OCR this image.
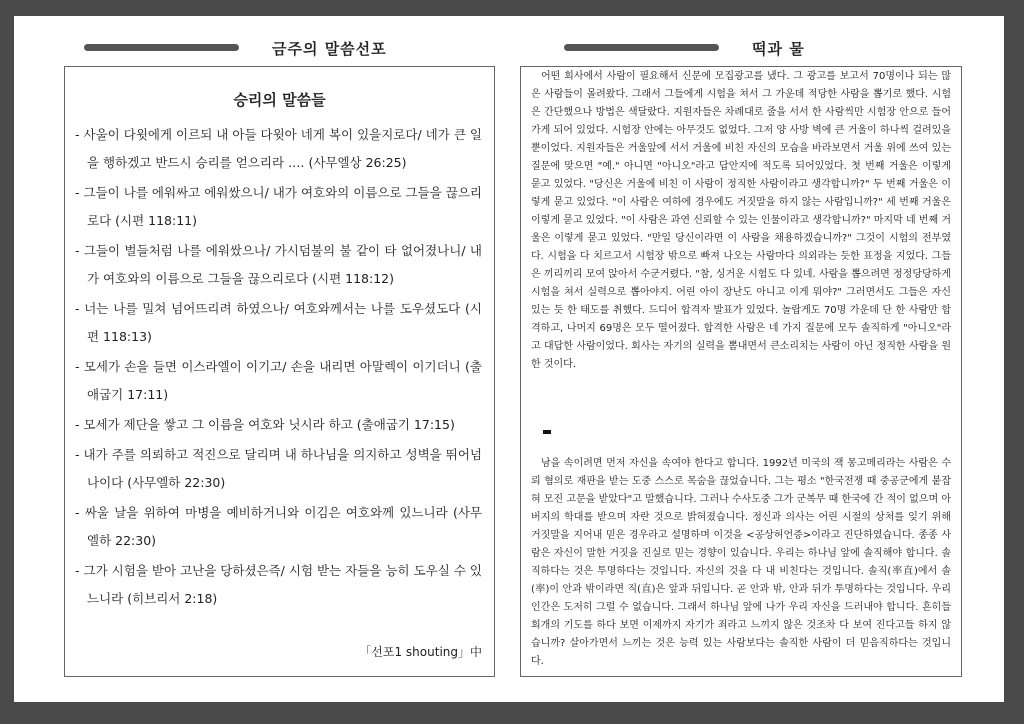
금주의 말씀선포	떡과 물
승리의 말씀들
- 사울이 다윗에게 이르되 내 아들 다윗아 네게 복이 있을지로다/ 네가 큰 일을 행하겠고 반드시 승리를 얻으리라 …. (사무엘상 26:25)
- 그들이 나를 에워싸고 에워쌌으니/ 내가 여호와의 이름으로 그들을 끊으리로다 (시편 118:11)
- 그들이 벌들처럼 나를 에워쌌으나/ 가시덤불의 불 같이 타 없어졌나니/ 내가 여호와의 이름으로 그들을 끊으리로다 (시편 118:12)
- 너는 나를 밀쳐 넘어뜨리려 하였으나/ 여호와께서는 나를 도우셨도다 (시편 118:13)
- 모세가 손을 들면 이스라엘이 이기고/ 손을 내리면 아말렉이 이기더니 (출애굽기 17:11)
- 모세가 제단을 쌓고 그 이름을 여호와 닛시라 하고 (출애굽기 17:15)
- 내가 주를 의뢰하고 적진으로 달리며 내 하나님을 의지하고 성벽을 뛰어넘나이다 (사무엘하 22:30)
- 싸울 날을 위하여 마병을 예비하거니와 이김은 여호와께 있느니라 (사무엘하 22:30)
- 그가 시험을 받아 고난을 당하셨은즉/ 시험 받는 자들을 능히 도우실 수 있느니라 (히브리서 2:18)
「선포1 shouting」中
어떤 회사에서 사람이 필요해서 신문에 모집광고를 냈다. 그 광고를 보고서 70명이나 되는 많은 사람들이 몰려왔다. 그래서 그들에게 시험을 쳐서 그 가운데 적당한 사람을 뽑기로 했다. 시험은 간단했으나 방법은 색달랐다. 지원자들은 차례대로 줄을 서서 한 사람씩만 시험장 안으로 들어가게 되어 있었다. 시험장 안에는 아무것도 없었다. 그저 양 사방 벽에 큰 거울이 하나씩 걸려있을 뿐이었다. 지원자들은 거울앞에 서서 거울에 비친 자신의 모습을 바라보면서 거울 위에 쓰여 있는 질문에 맞으면 "예." 아니면 "아니오"라고 답안지에 적도록 되어있었다. 첫 번째 거울은 이렇게 묻고 있었다. "당신은 거울에 비친 이 사람이 정직한 사람이라고 생각합니까?" 두 번째 거울은 이렇게 묻고 있었다. "이 사람은 여하에 경우에도 거짓말을 하지 않는 사람입니까?" 세 번째 거울은 이렇게 묻고 있었다. "이 사람은 과연 신뢰할 수 있는 인물이라고 생각합니까?" 마지막 네 번째 거울은 이렇게 묻고 있었다. "만일 당신이라면 이 사람을 채용하겠습니까?" 그것이 시험의 전부였다. 시험을 다 치르고서 시험장 밖으로 빠져 나오는 사람마다 의외라는 듯한 표정을 지었다. 그들은 끼리끼리 모여 앉아서 수군거렸다. "참, 싱거운 시험도 다 있네. 사람을 뽑으려면 정정당당하게 시험을 쳐서 실력으로 뽑아야지. 어린 아이 장난도 아니고 이게 뭐야?" 그러면서도 그들은 자신 있는 듯 한 태도를 취했다. 드디어 합격자 발표가 있었다. 놀랍게도 70명 가운데 단 한 사람만 합격하고, 나머지 69명은 모두 떨어졌다. 합격한 사람은 네 가지 질문에 모두 솔직하게 "아니오"라고 대답한 사람이었다. 회사는 자기의 실력을 뽐내면서 큰소리치는 사람이 아닌 정직한 사람을 원한 것이다.
남을 속이려면 먼저 자신을 속여야 한다고 합니다. 1992년 미국의 잭 몽고메리라는 사람은 수뢰 혐의로 재판을 받는 도중 스스로 목숨을 끊었습니다. 그는 평소 "한국전쟁 때 중공군에게 붙잡혀 모진 고문을 받았다"고 말했습니다. 그러나 수사도중 그가 군복무 때 한국에 간 적이 없으며 아버지의 학대를 받으며 자란 것으로 밝혀졌습니다. 정신과 의사는 어린 시절의 상처를 잊기 위해 거짓말을 지어내 믿은 경우라고 설명하며 이것을 <공상허언증>이라고 진단하였습니다. 종종 사람은 자신이 말한 거짓을 진실로 믿는 경향이 있습니다. 우리는 하나님 앞에 솔직해야 합니다. 솔직하다는 것은 투명하다는 것입니다. 자신의 것을 다 내 비친다는 것입니다. 솔직(率直)에서 솔(率)이 안과 밖이라면 직(直)은 앞과 뒤입니다. 곧 안과 밖, 안과 뒤가 투명하다는 것입니다. 우리 인간은 도저히 그럴 수 없습니다. 그래서 하나님 앞에 나가 우리 자신을 드러내야 합니다. 흔히들 회개의 기도를 하다 보면 이제까지 자기가 죄라고 느끼지 않은 것조차 다 보여 진다고들 하지 않습니까? 살아가면서 느끼는 것은 능력 있는 사람보다는 솔직한 사람이 더 믿음직하다는 것입니다.
